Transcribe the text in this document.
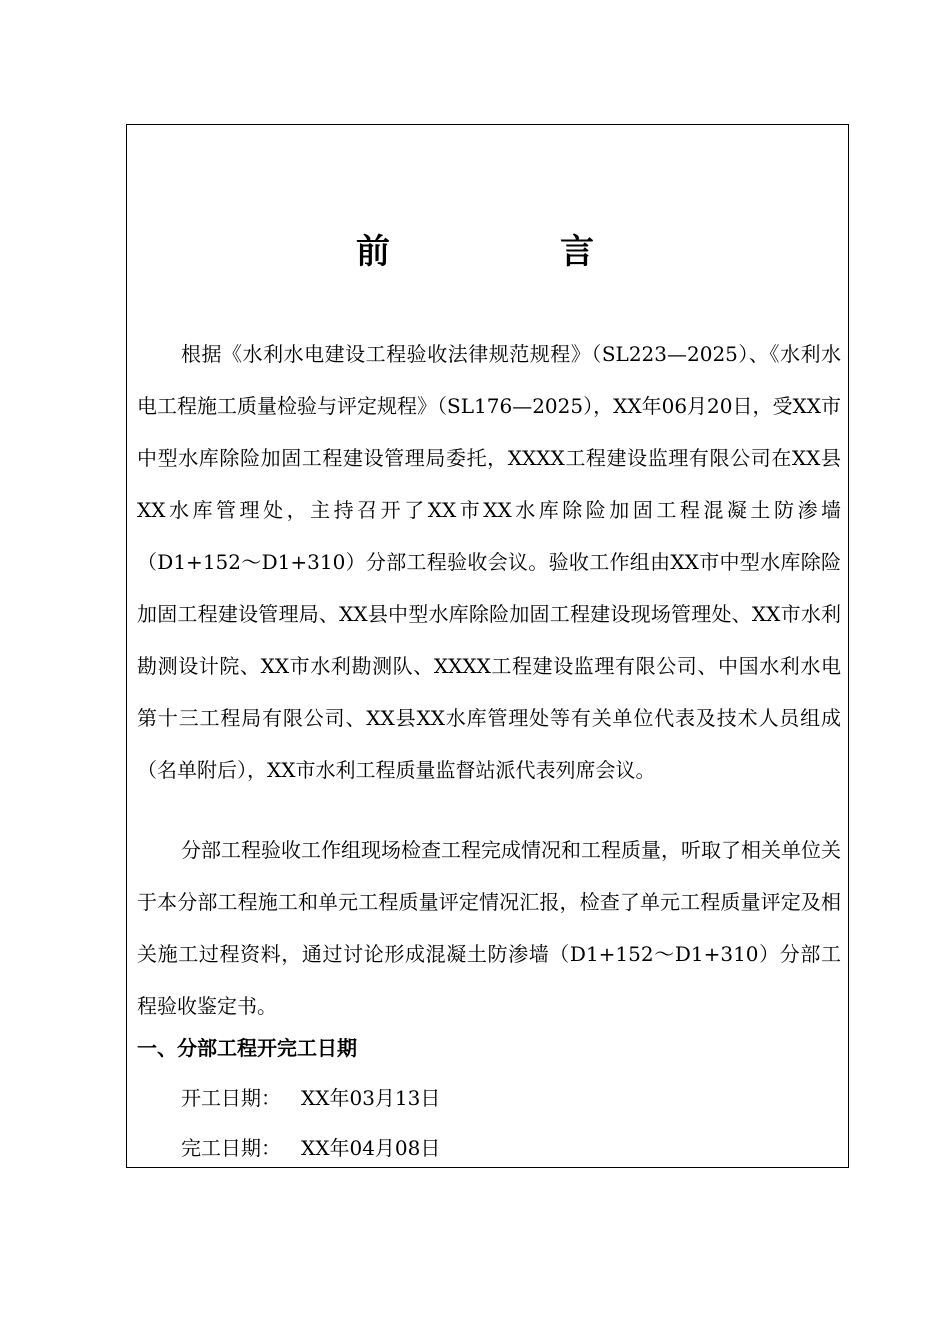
前　言

根据《水利水电建设工程验收法律规范规程》（SL223—2025）、《水利水电工程施工质量检验与评定规程》（SL176—2025），XX年06月20日，受XX市中型水库除险加固工程建设管理局委托，XXXX工程建设监理有限公司在XX县XX水库管理处，主持召开了XX市XX水库除险加固工程混凝土防渗墙（D1+152～D1+310）分部工程验收会议。验收工作组由XX市中型水库除险加固工程建设管理局、XX县中型水库除险加固工程建设现场管理处、XX市水利勘测设计院、XX市水利勘测队、XXXX工程建设监理有限公司、中国水利水电第十三工程局有限公司、XX县XX水库管理处等有关单位代表及技术人员组成（名单附后），XX市水利工程质量监督站派代表列席会议。

分部工程验收工作组现场检查工程完成情况和工程质量，听取了相关单位关于本分部工程施工和单元工程质量评定情况汇报，检查了单元工程质量评定及相关施工过程资料，通过讨论形成混凝土防渗墙（D1+152～D1+310）分部工程验收鉴定书。

一、分部工程开完工日期
开工日期： XX年03月13日
完工日期： XX年04月08日
